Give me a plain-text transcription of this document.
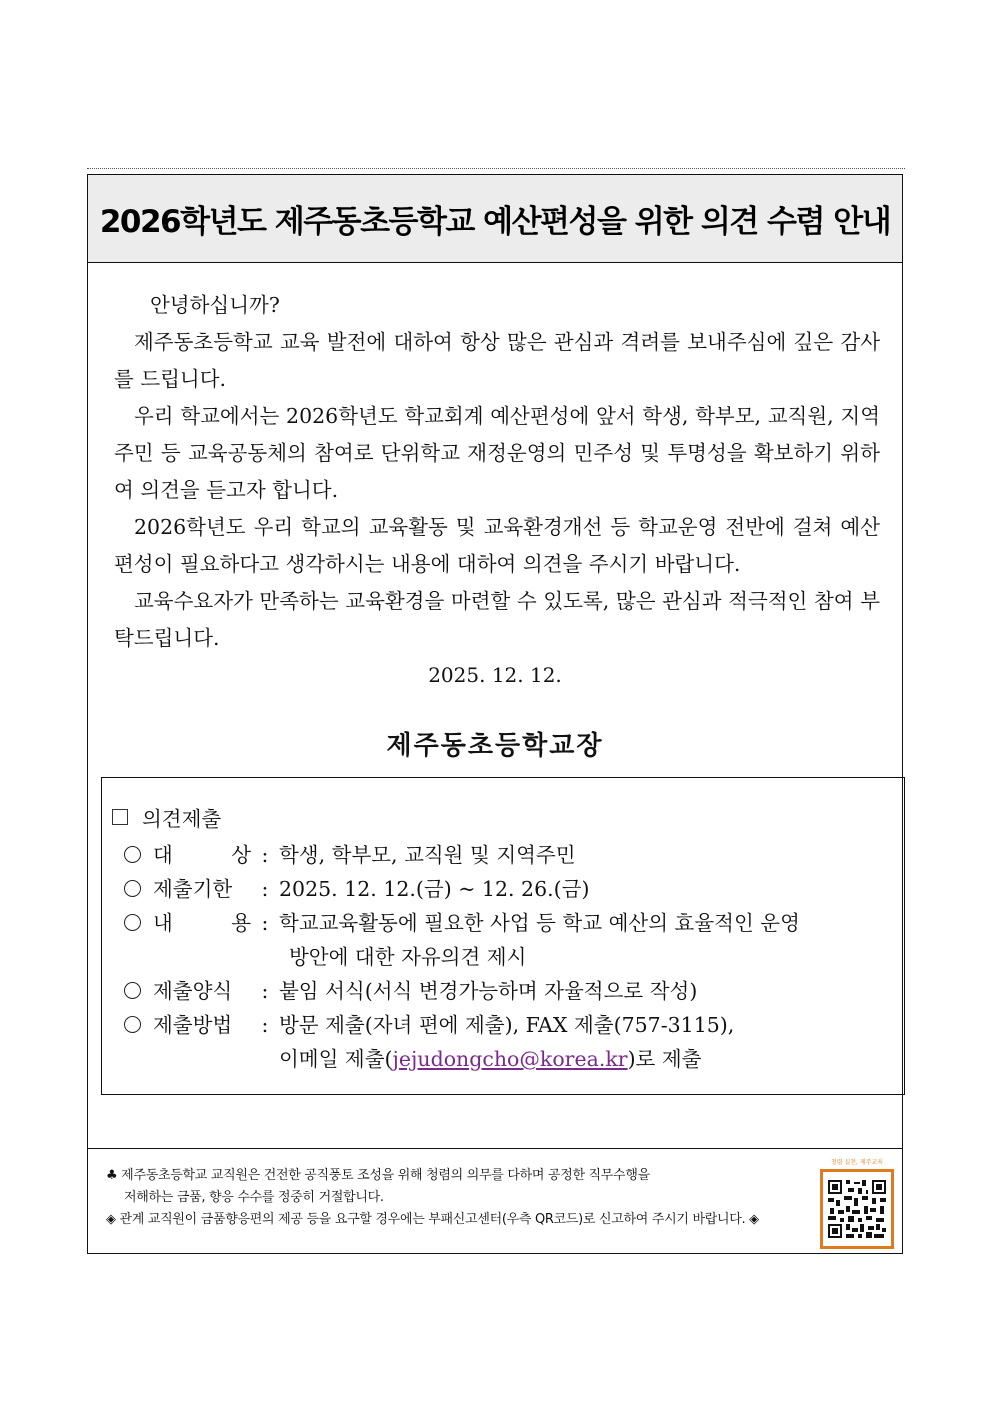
2026학년도 제주동초등학교 예산편성을 위한 의견 수렴 안내

안녕하십니까?

제주동초등학교 교육 발전에 대하여 항상 많은 관심과 격려를 보내주심에 깊은 감사를 드립니다.

우리 학교에서는 2026학년도 학교회계 예산편성에 앞서 학생, 학부모, 교직원, 지역주민 등 교육공동체의 참여로 단위학교 재정운영의 민주성 및 투명성을 확보하기 위하여 의견을 듣고자 합니다.

2026학년도 우리 학교의 교육활동 및 교육환경개선 등 학교운영 전반에 걸쳐 예산 편성이 필요하다고 생각하시는 내용에 대하여 의견을 주시기 바랍니다.

교육수요자가 만족하는 교육환경을 마련할 수 있도록, 많은 관심과 적극적인 참여 부탁드립니다.

2025. 12. 12.
제주동초등학교장
의견제출
대	상 : 학생, 학부모, 교직원 및 지역주민
제출기한	: 2025. 12. 12.(금) ~ 12. 26.(금)
내	용 : 학교교육활동에 필요한 사업 등 학교 예산의 효율적인 운영
방안에 대한 자유의견 제시
제출양식	: 붙임 서식(서식 변경가능하며 자율적으로 작성)
제출방법	: 방문 제출(자녀 편에 제출), FAX 제출(757-3115),
이메일 제출(jejudongcho@korea.kr)로 제출
♣ 제주동초등학교 교직원은 건전한 공직풍토 조성을 위해 청렴의 의무를 다하며 공정한 직무수행을
저해하는 금품, 향응 수수를 정중히 거절합니다.
◈ 관계 교직원이 금품향응편의 제공 등을 요구할 경우에는 부패신고센터(우측 QR코드)로 신고하여 주시기 바랍니다. ◈
청렴 실천, 제주교육
